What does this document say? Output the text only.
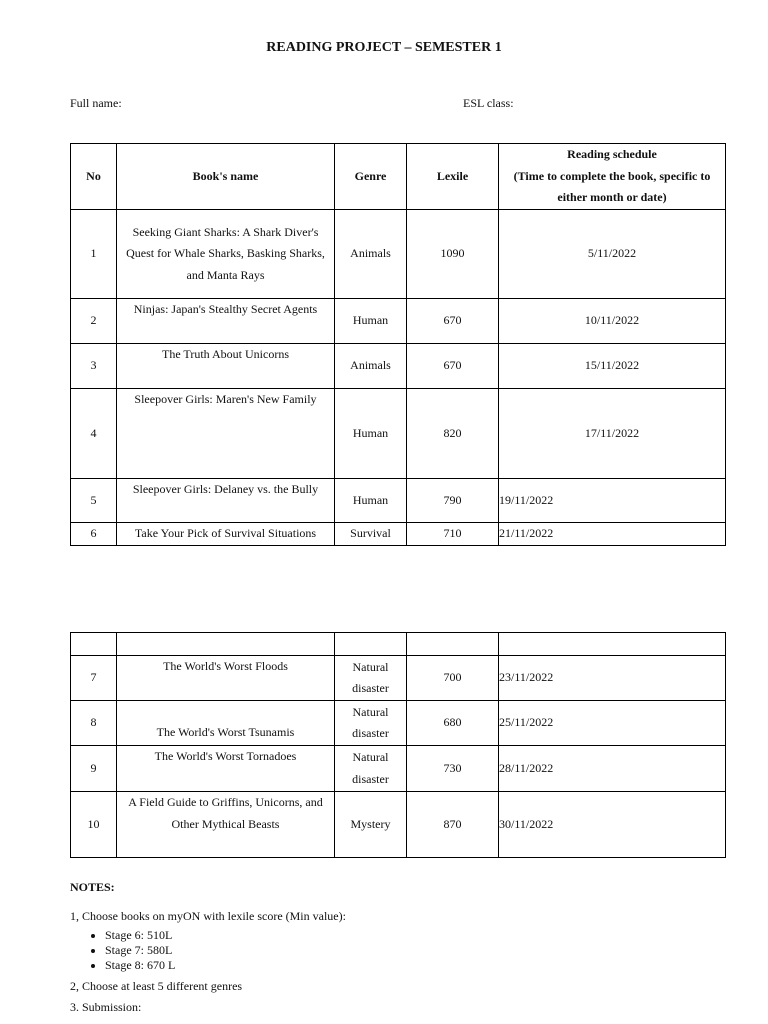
READING PROJECT – SEMESTER 1
Full name:	ESL class:
No	Book's name	Genre	Lexile	Reading schedule
(Time to complete the book, specific to
either month or date)

1	Seeking Giant Sharks: A Shark Diver's Quest for Whale Sharks, Basking Sharks, and Manta Rays	Animals	1090	5/11/2022
2	Ninjas: Japan's Stealthy Secret Agents	Human	670	10/11/2022
3	The Truth About Unicorns	Animals	670	15/11/2022
4	Sleepover Girls: Maren's New Family	Human	820	17/11/2022
5	Sleepover Girls: Delaney vs. the Bully	Human	790	19/11/2022
6	Take Your Pick of Survival Situations	Survival	710	21/11/2022

7	The World's Worst Floods	Natural disaster	700	23/11/2022
8	The World's Worst Tsunamis	Natural disaster	680	25/11/2022
9	The World's Worst Tornadoes	Natural disaster	730	28/11/2022
10	A Field Guide to Griffins, Unicorns, and Other Mythical Beasts	Mystery	870	30/11/2022

NOTES:

1, Choose books on myON with lexile score (Min value):

• Stage 6: 510L
• Stage 7: 580L
• Stage 8: 670 L

2, Choose at least 5 different genres

3. Submission:
